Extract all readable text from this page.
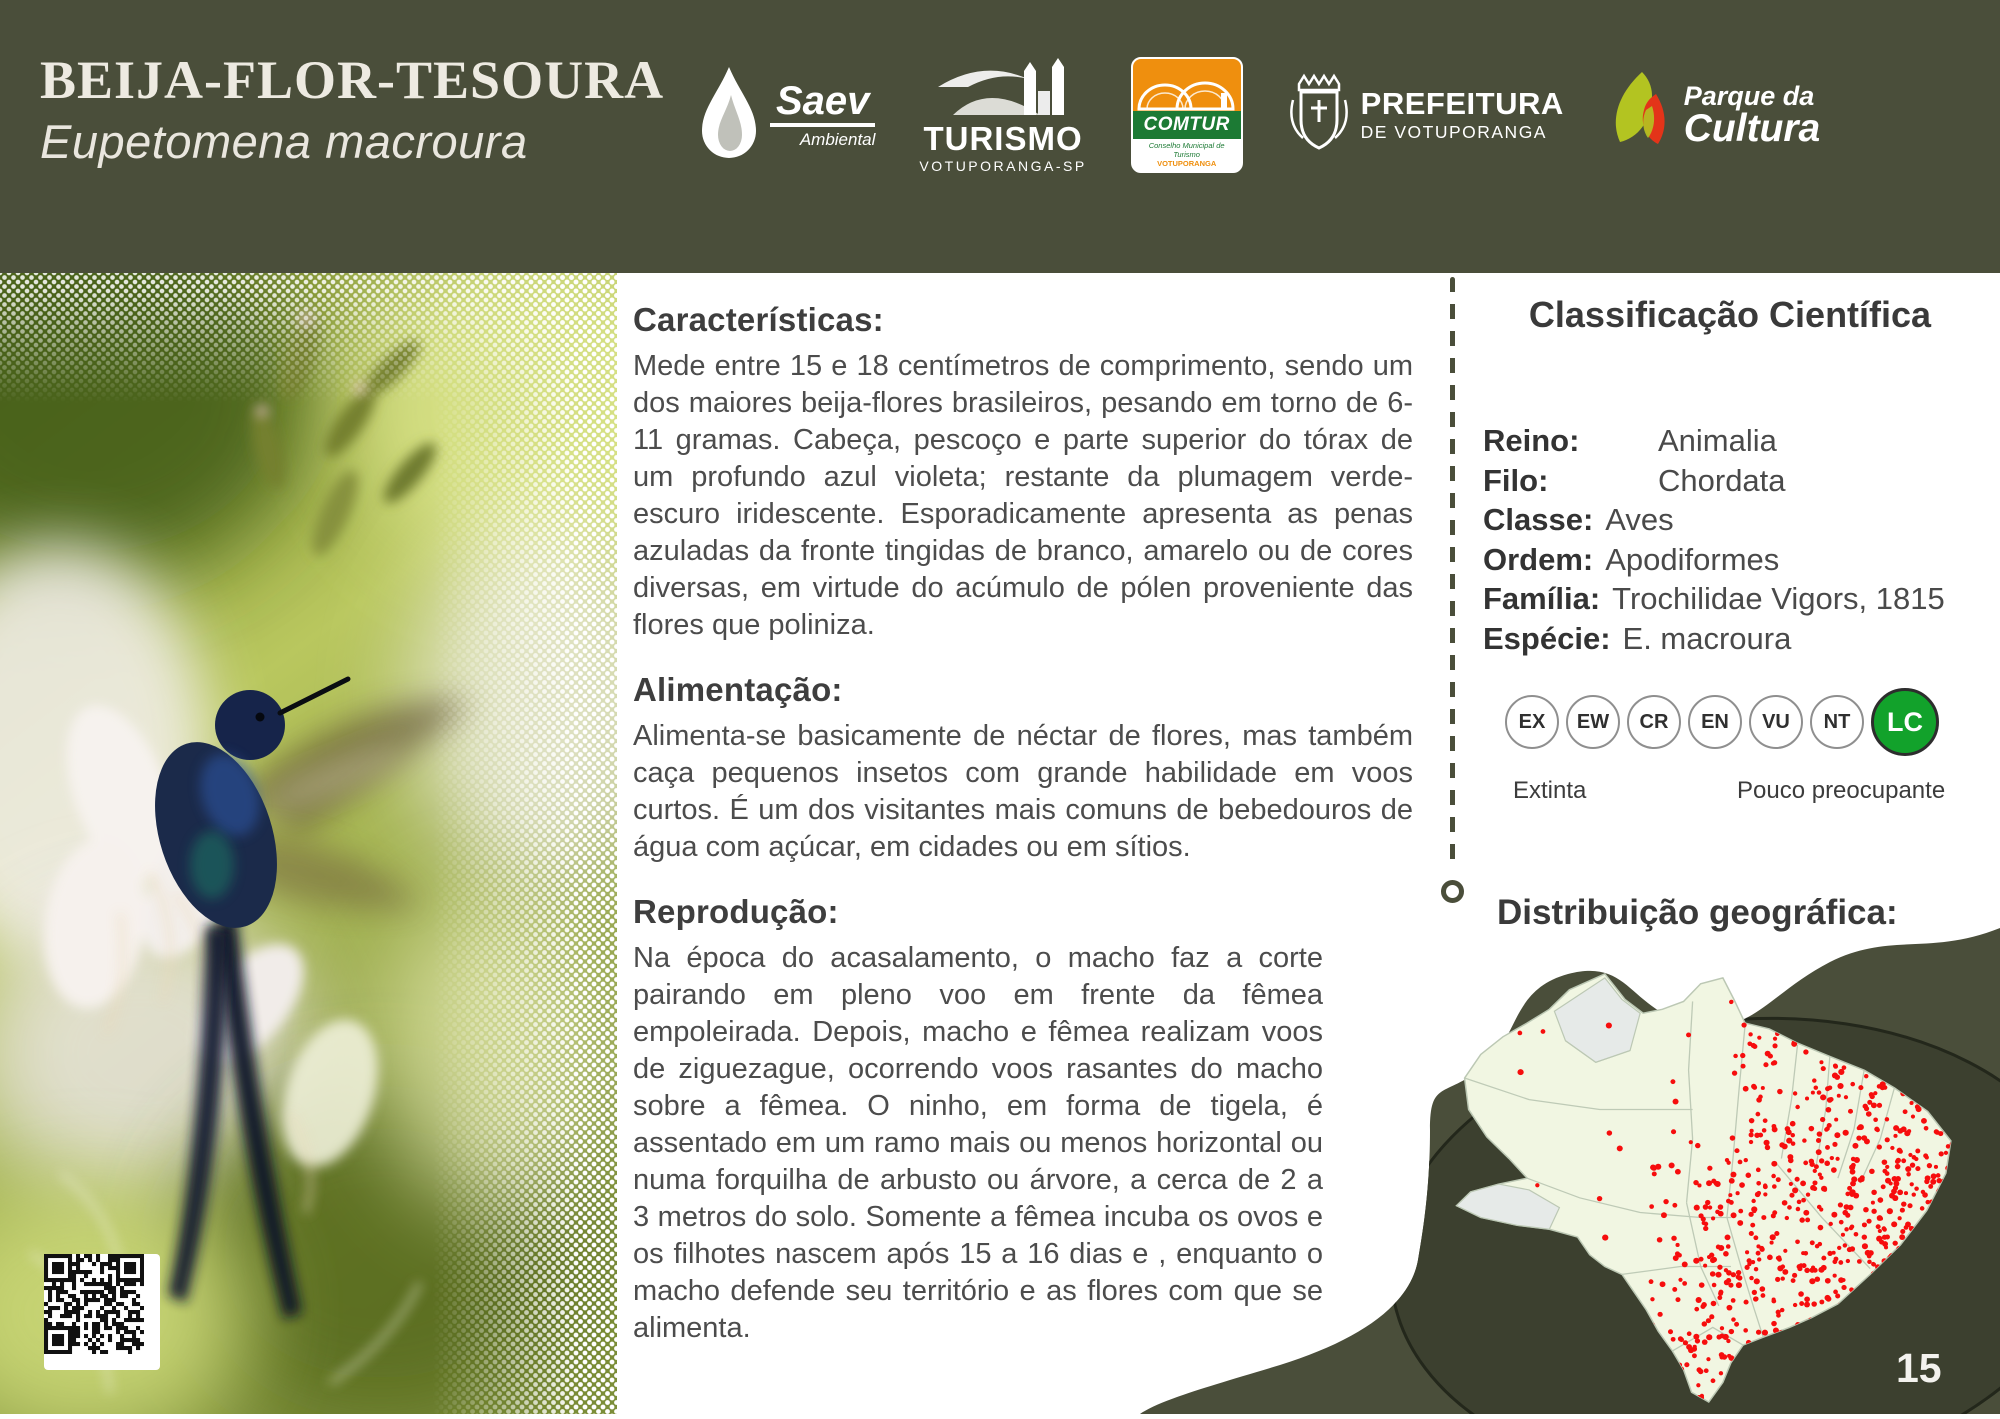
BEIJA-FLOR-TESOURA
Eupetomena macroura
Saev
Ambiental TURISMO
VOTUPORANGA-SP
COMTUR
Conselho Municipal de Turismo
VOTUPORANGA
PREFEITURA
DE VOTUPORANGA
Parque da
Cultura
Características:
Mede entre 15 e 18 centímetros de comprimento, sendo um dos maiores beija-flores brasileiros, pesando em torno de 6-11 gramas. Cabeça, pescoço e parte superior do tórax de um profundo azul violeta; restante da plumagem verde-escuro iridescente. Esporadicamente apresenta as penas azuladas da fronte tingidas de branco, amarelo ou de cores diversas, em virtude do acúmulo de pólen proveniente das flores que poliniza.
Alimentação:
Alimenta-se basicamente de néctar de flores, mas também caça pequenos insetos com grande habilidade em voos curtos. É um dos visitantes mais comuns de bebedouros de água com açúcar, em cidades ou em sítios.
Reprodução:
Na época do acasalamento, o macho faz a corte pairando em pleno voo em frente da fêmea empoleirada. Depois, macho e fêmea realizam voos de ziguezague, ocorrendo voos rasantes do macho sobre a fêmea. O ninho, em forma de tigela, é assentado em um ramo mais ou menos horizontal ou numa forquilha de arbusto ou árvore, a cerca de 2 a 3 metros do solo. Somente a fêmea incuba os ovos e os filhotes nascem após 15 a 16 dias e , enquanto o macho defende seu território e as flores com que se alimenta.
Classificação Científica
Reino:	Animalia
Filo:	Chordata
Classe: Aves
Ordem: Apodiformes
Família: Trochilidae Vigors, 1815
Espécie: E. macroura
EX	EW	CR	EN	VU	NT	LC
Extinta	Pouco preocupante
Distribuição geográfica:
15
